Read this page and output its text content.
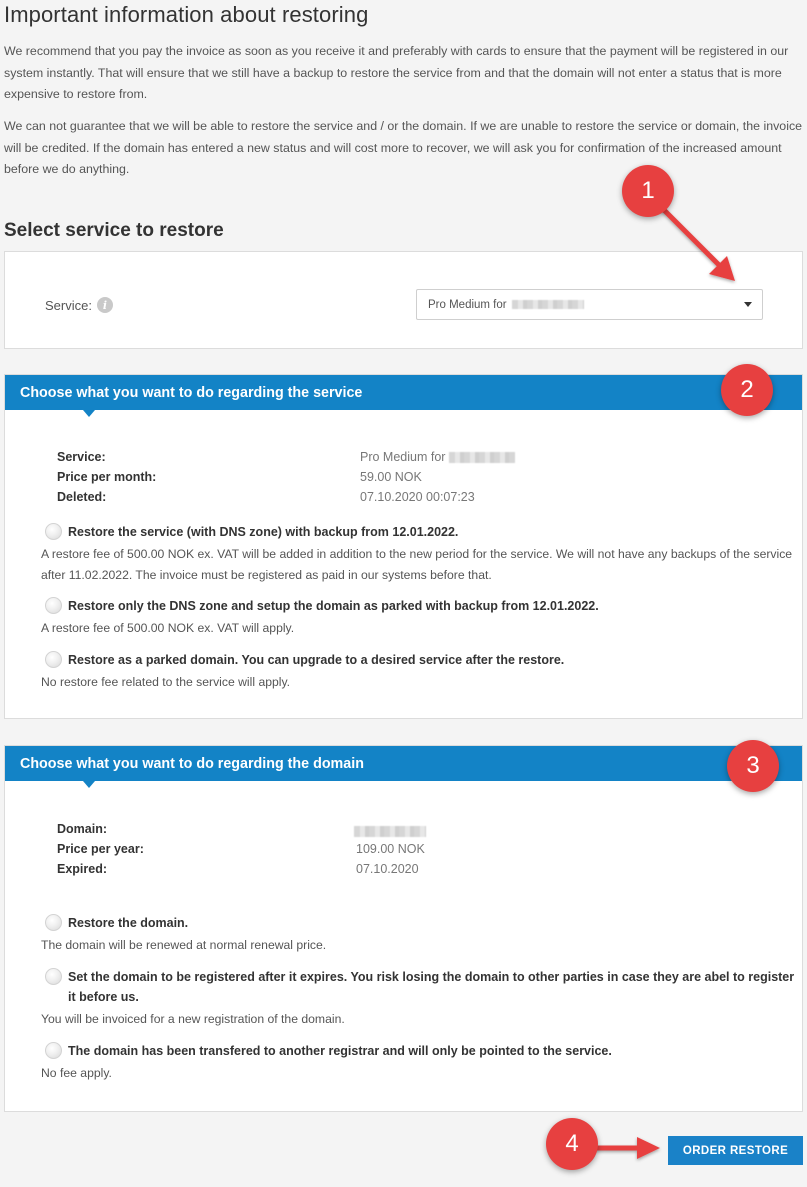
Important information about restoring

We recommend that you pay the invoice as soon as you receive it and preferably with cards to ensure that the payment will be registered in our system instantly. That will ensure that we still have a backup to restore the service from and that the domain will not enter a status that is more expensive to restore from.

We can not guarantee that we will be able to restore the service and / or the domain. If we are unable to restore the service or domain, the invoice will be credited. If the domain has entered a new status and will cost more to recover, we will ask you for confirmation of the increased amount before we do anything.

Select service to restore
Service: i	Pro Medium for
Choose what you want to do regarding the service
Service:	Pro Medium for
Price per month:	59.00 NOK
Deleted:	07.10.2020 00:07:23
Restore the service (with DNS zone) with backup from 12.01.2022.
A restore fee of 500.00 NOK ex. VAT will be added in addition to the new period for the service. We will not have any backups of the service after 11.02.2022. The invoice must be registered as paid in our systems before that.
Restore only the DNS zone and setup the domain as parked with backup from 12.01.2022.
A restore fee of 500.00 NOK ex. VAT will apply.
Restore as a parked domain. You can upgrade to a desired service after the restore.
No restore fee related to the service will apply.
Choose what you want to do regarding the domain
Domain:
Price per year:	109.00 NOK
Expired:	07.10.2020
Restore the domain.
The domain will be renewed at normal renewal price.
Set the domain to be registered after it expires. You risk losing the domain to other parties in case they are abel to register it before us.
You will be invoiced for a new registration of the domain.
The domain has been transfered to another registrar and will only be pointed to the service.
No fee apply.
ORDER RESTORE
1
2
3
4
